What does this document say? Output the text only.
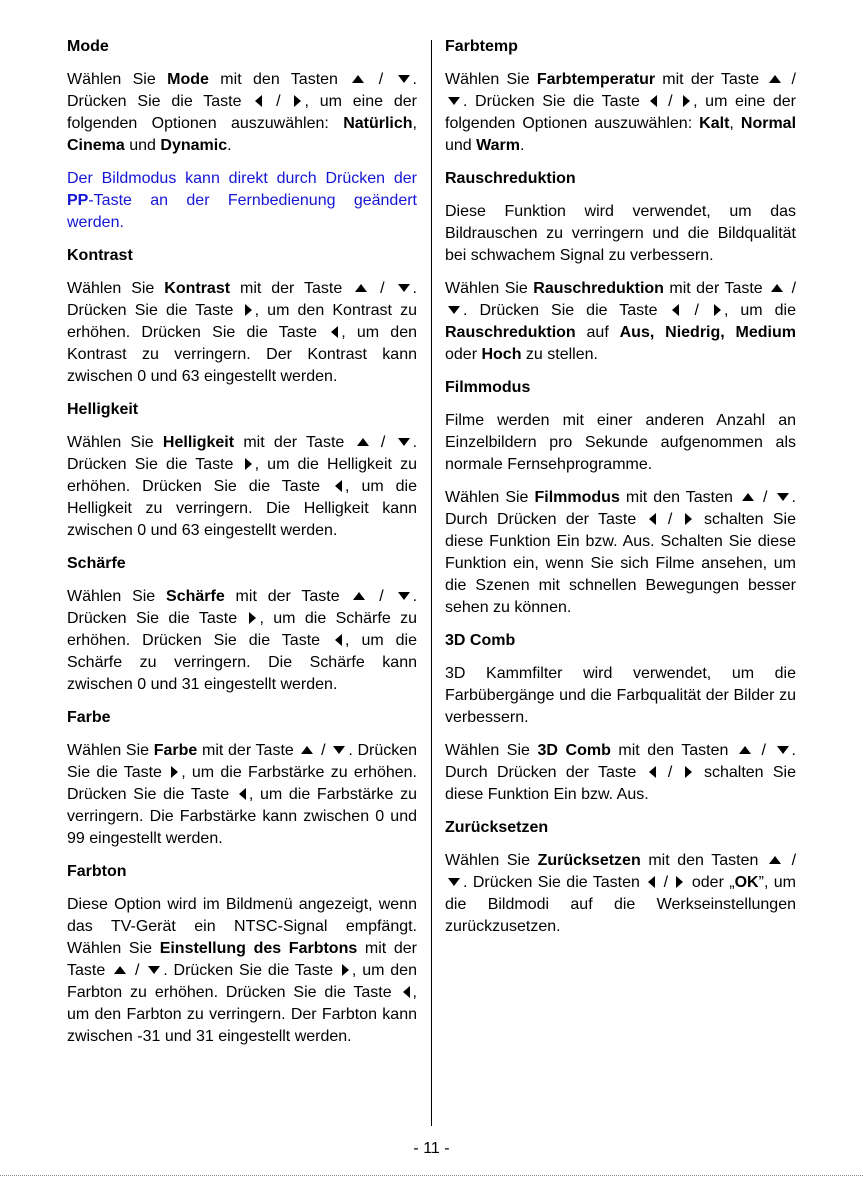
Mode

Wählen Sie Mode mit den Tasten  / . Drücken Sie die Taste  / , um eine der folgenden Optionen auszuwählen: Natürlich, Cinema und Dynamic.

Der Bildmodus kann direkt durch Drücken der PP-Taste an der Fernbedienung geändert werden.

Kontrast

Wählen Sie Kontrast mit der Taste  / . Drücken Sie die Taste , um den Kontrast zu erhöhen. Drücken Sie die Taste , um den Kontrast zu verringern. Der Kontrast kann zwischen 0 und 63 eingestellt werden.

Helligkeit

Wählen Sie Helligkeit mit der Taste  / . Drücken Sie die Taste , um die Helligkeit zu erhöhen. Drücken Sie die Taste , um die Helligkeit zu verringern. Die Helligkeit kann zwischen 0 und 63 eingestellt werden.

Schärfe

Wählen Sie Schärfe mit der Taste  / . Drücken Sie die Taste , um die Schärfe zu erhöhen. Drücken Sie die Taste , um die Schärfe zu verringern. Die Schärfe kann zwischen 0 und 31 eingestellt werden.

Farbe

Wählen Sie Farbe mit der Taste  / . Drücken Sie die Taste , um die Farbstärke zu erhöhen. Drücken Sie die Taste , um die Farbstärke zu verringern. Die Farbstärke kann zwischen 0 und 99 eingestellt werden.

Farbton

Diese Option wird im Bildmenü angezeigt, wenn das TV-Gerät ein NTSC-Signal empfängt. Wählen Sie Einstellung des Farbtons mit der Taste  / . Drücken Sie die Taste , um den Farbton zu erhöhen. Drücken Sie die Taste , um den Farbton zu verringern. Der Farbton kann zwischen -31 und 31 eingestellt werden.

Farbtemp

Wählen Sie Farbtemperatur mit der Taste  / . Drücken Sie die Taste  / , um eine der folgenden Optionen auszuwählen: Kalt, Normal und Warm.

Rauschreduktion

Diese Funktion wird verwendet, um das Bildrauschen zu verringern und die Bildqualität bei schwachem Signal zu verbessern.

Wählen Sie Rauschreduktion mit der Taste  / . Drücken Sie die Taste  / , um die Rauschreduktion auf Aus, Niedrig, Medium oder Hoch zu stellen.

Filmmodus

Filme werden mit einer anderen Anzahl an Einzelbildern pro Sekunde aufgenommen als normale Fernsehprogramme.

Wählen Sie Filmmodus mit den Tasten  / . Durch Drücken der Taste  /  schalten Sie diese Funktion Ein bzw. Aus. Schalten Sie diese Funktion ein, wenn Sie sich Filme ansehen, um die Szenen mit schnellen Bewegungen besser sehen zu können.

3D Comb

3D Kammfilter wird verwendet, um die Farbübergänge und die Farbqualität der Bilder zu verbessern.

Wählen Sie 3D Comb mit den Tasten  / . Durch Drücken der Taste  /  schalten Sie diese Funktion Ein bzw. Aus.

Zurücksetzen

Wählen Sie Zurücksetzen mit den Tasten  / . Drücken Sie die Tasten  /  oder „OK”, um die Bildmodi auf die Werkseinstellungen zurückzusetzen.

- 11 -
